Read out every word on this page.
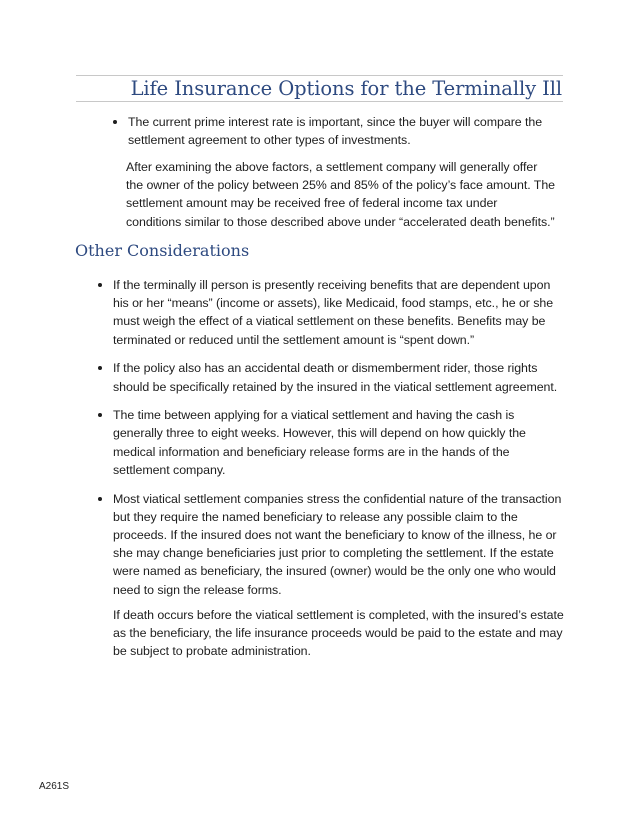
Life Insurance Options for the Terminally Ill
The current prime interest rate is important, since the buyer will compare the settlement agreement to other types of investments.

After examining the above factors, a settlement company will generally offer the owner of the policy between 25% and 85% of the policy’s face amount. The settlement amount may be received free of federal income tax under conditions similar to those described above under “accelerated death benefits.”

Other Considerations
If the terminally ill person is presently receiving benefits that are dependent upon his or her “means” (income or assets), like Medicaid, food stamps, etc., he or she must weigh the effect of a viatical settlement on these benefits. Benefits may be terminated or reduced until the settlement amount is “spent down.”
If the policy also has an accidental death or dismemberment rider, those rights should be specifically retained by the insured in the viatical settlement agreement.
The time between applying for a viatical settlement and having the cash is generally three to eight weeks. However, this will depend on how quickly the medical information and beneficiary release forms are in the hands of the settlement company.
Most viatical settlement companies stress the confidential nature of the transaction but they require the named beneficiary to release any possible claim to the proceeds. If the insured does not want the beneficiary to know of the illness, he or she may change beneficiaries just prior to completing the settlement. If the estate were named as beneficiary, the insured (owner) would be the only one who would need to sign the release forms.

If death occurs before the viatical settlement is completed, with the insured’s estate as the beneficiary, the life insurance proceeds would be paid to the estate and may be subject to probate administration.

A261S
